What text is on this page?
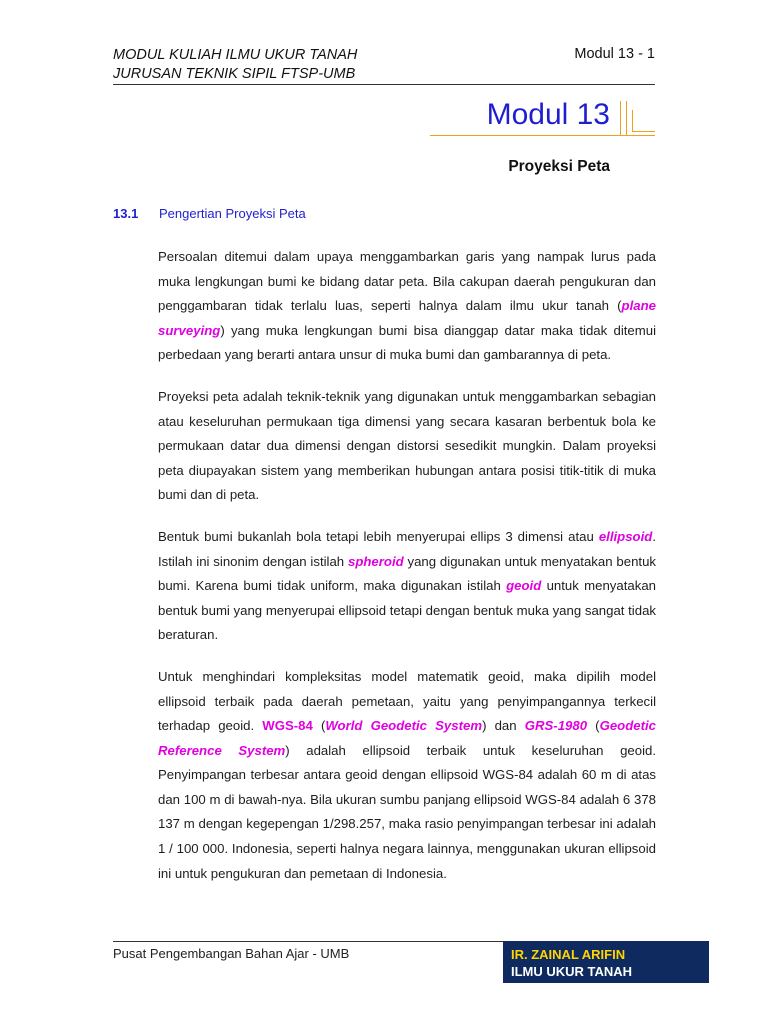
MODUL KULIAH ILMU UKUR TANAH
JURUSAN TEKNIK SIPIL FTSP-UMB
Modul 13 - 1
Modul 13
Proyeksi Peta
13.1 Pengertian Proyeksi Peta

Persoalan ditemui dalam upaya menggambarkan garis yang nampak lurus pada muka lengkungan bumi ke bidang datar peta. Bila cakupan daerah pengukuran dan penggambaran tidak terlalu luas, seperti halnya dalam ilmu ukur tanah (plane surveying) yang muka lengkungan bumi bisa dianggap datar maka tidak ditemui perbedaan yang berarti antara unsur di muka bumi dan gambarannya di peta.

Proyeksi peta adalah teknik-teknik yang digunakan untuk menggambarkan sebagian atau keseluruhan permukaan tiga dimensi yang secara kasaran berbentuk bola ke permukaan datar dua dimensi dengan distorsi sesedikit mungkin. Dalam proyeksi peta diupayakan sistem yang memberikan hubungan antara posisi titik-titik di muka bumi dan di peta.

Bentuk bumi bukanlah bola tetapi lebih menyerupai ellips 3 dimensi atau ellipsoid. Istilah ini sinonim dengan istilah spheroid yang digunakan untuk menyatakan bentuk bumi. Karena bumi tidak uniform, maka digunakan istilah geoid untuk menyatakan bentuk bumi yang menyerupai ellipsoid tetapi dengan bentuk muka yang sangat tidak beraturan.

Untuk menghindari kompleksitas model matematik geoid, maka dipilih model ellipsoid terbaik pada daerah pemetaan, yaitu yang penyimpangannya terkecil terhadap geoid. WGS-84 (World Geodetic System) dan GRS-1980 (Geodetic Reference System) adalah ellipsoid terbaik untuk keseluruhan geoid. Penyimpangan terbesar antara geoid dengan ellipsoid WGS-84 adalah 60 m di atas dan 100 m di bawah-nya. Bila ukuran sumbu panjang ellipsoid WGS-84 adalah 6 378 137 m dengan kegepengan 1/298.257, maka rasio penyimpangan terbesar ini adalah 1 / 100 000. Indonesia, seperti halnya negara lainnya, menggunakan ukuran ellipsoid ini untuk pengukuran dan pemetaan di Indonesia.

Pusat Pengembangan Bahan Ajar - UMB	IR. ZAINAL ARIFIN
ILMU UKUR TANAH
